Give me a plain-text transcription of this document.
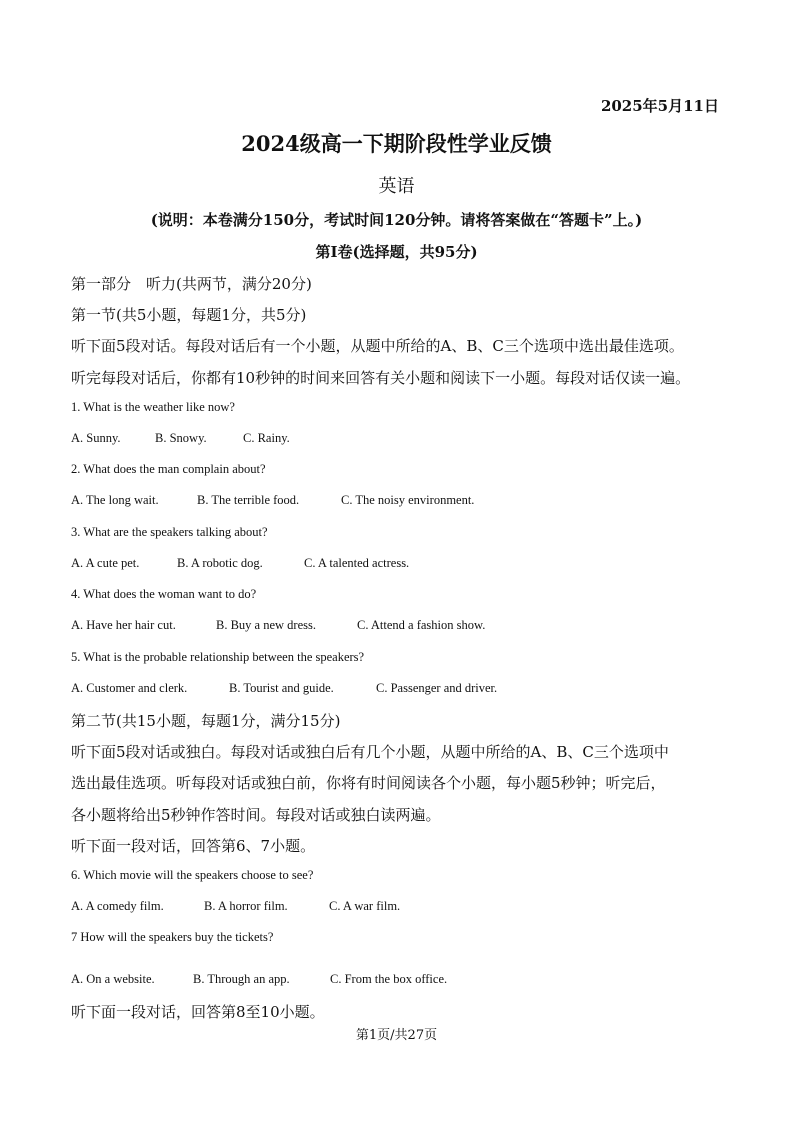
2025年5月11日
2024级高一下期阶段性学业反馈
英语
(说明：本卷满分150分，考试时间120分钟。请将答案做在“答题卡”上。)
第Ⅰ卷(选择题，共95分)
第一部分　听力(共两节，满分20分)
第一节(共5小题，每题1分，共5分)
听下面5段对话。每段对话后有一个小题，从题中所给的A、B、C三个选项中选出最佳选项。
听完每段对话后，你都有10秒钟的时间来回答有关小题和阅读下一小题。每段对话仅读一遍。
1. What is the weather like now?
A. Sunny.	B. Snowy.	C. Rainy.
2. What does the man complain about?
A. The long wait.	B. The terrible food.	C. The noisy environment.
3. What are the speakers talking about?
A. A cute pet.	B. A robotic dog.	C. A talented actress.
4. What does the woman want to do?
A. Have her hair cut.	B. Buy a new dress.	C. Attend a fashion show.
5. What is the probable relationship between the speakers?
A. Customer and clerk.	B. Tourist and guide.	C. Passenger and driver.
第二节(共15小题，每题1分，满分15分)
听下面5段对话或独白。每段对话或独白后有几个小题，从题中所给的A、B、C三个选项中
选出最佳选项。听每段对话或独白前，你将有时间阅读各个小题，每小题5秒钟；听完后，
各小题将给出5秒钟作答时间。每段对话或独白读两遍。
听下面一段对话，回答第6、7小题。
6. Which movie will the speakers choose to see?
A. A comedy film.	B. A horror film.	C. A war film.
7 How will the speakers buy the tickets?
A. On a website.	B. Through an app.	C. From the box office.
听下面一段对话，回答第8至10小题。
第1页/共27页
